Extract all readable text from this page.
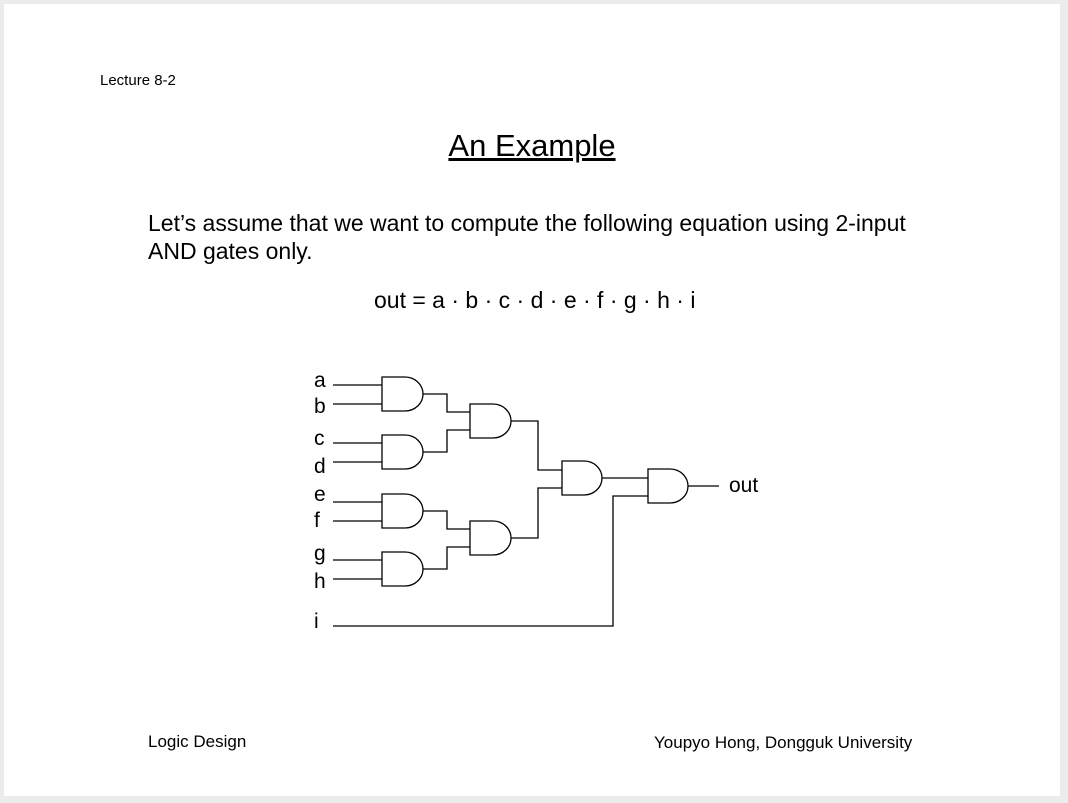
Lecture 8-2
An Example
Let’s assume that we want to compute the following equation using 2-input AND gates only.
out = a · b · c · d · e · f · g · h · i
a
b
c
d
e
f
g
h
i
out
Logic Design	Youpyo Hong, Dongguk University
